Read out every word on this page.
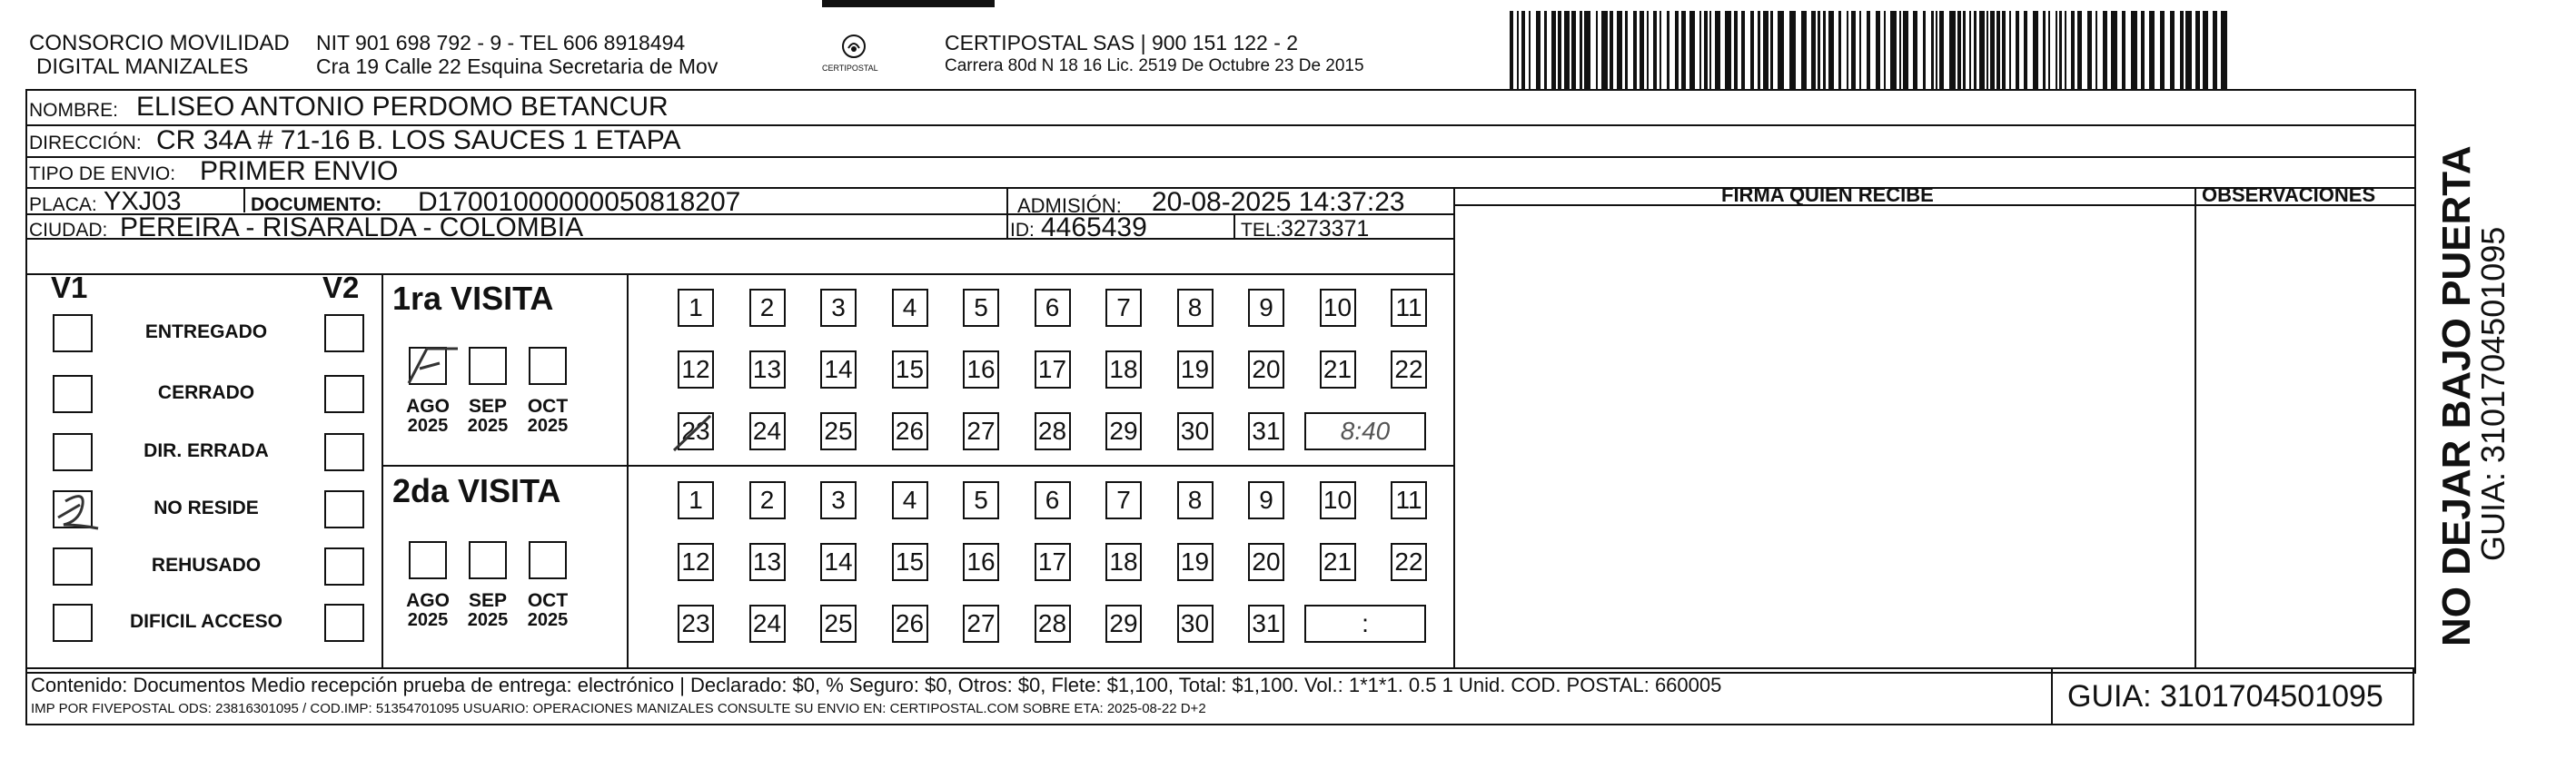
CONSORCIO MOVILIDAD
DIGITAL MANIZALES
NIT 901 698 792 - 9 - TEL 606 8918494
Cra 19 Calle 22 Esquina Secretaria de Mov	CERTIPOSTAL
CERTIPOSTAL SAS | 900 151 122 - 2
Carrera 80d N 18 16 Lic. 2519 De Octubre 23 De 2015
NOMBRE: ELISEO ANTONIO PERDOMO BETANCUR
DIRECCIÓN: CR 34A # 71-16 B. LOS SAUCES 1 ETAPA
TIPO DE ENVIO: PRIMER ENVIO
FIRMA QUIEN RECIBE	OBSERVACIONES
PLACA: YXJ03	DOCUMENTO: D17001000000050818207	ADMISIÓN: 20-08-2025 14:37:23
CIUDAD: PEREIRA - RISARALDA - COLOMBIA	ID: 4465439	TEL: 3273371
V1	V2
ENTREGADO
CERRADO
DIR. ERRADA
NO RESIDE
REHUSADO
DIFICIL ACCESO
1ra VISITA
2da VISITA
AGO
2025
SEP
2025
OCT
2025
AGO
2025
SEP
2025
OCT
2025
1	2	3	4	5	6	7	8	9	10 11
12 13 14 15 16 17 18 19 20 21 22
23 24 25 26 27 28 29 30 31	8:40
1	2	3	4	5	6	7	8	9	10 11
12 13 14 15 16 17 18 19 20 21 22
23 24 25 26 27 28 29 30 31	:
Contenido: Documentos Medio recepción prueba de entrega: electrónico | Declarado: $0, % Seguro: $0, Otros: $0, Flete: $1,100, Total: $1,100. Vol.: 1*1*1. 0.5 1 Unid. COD. POSTAL: 660005
IMP POR FIVEPOSTAL ODS: 23816301095 / COD.IMP: 51354701095 USUARIO: OPERACIONES MANIZALES CONSULTE SU ENVIO EN: CERTIPOSTAL.COM SOBRE ETA: 2025-08-22 D+2	GUIA: 3101704501095
NO DEJAR BAJO PUERTA
GUIA: 3101704501095
